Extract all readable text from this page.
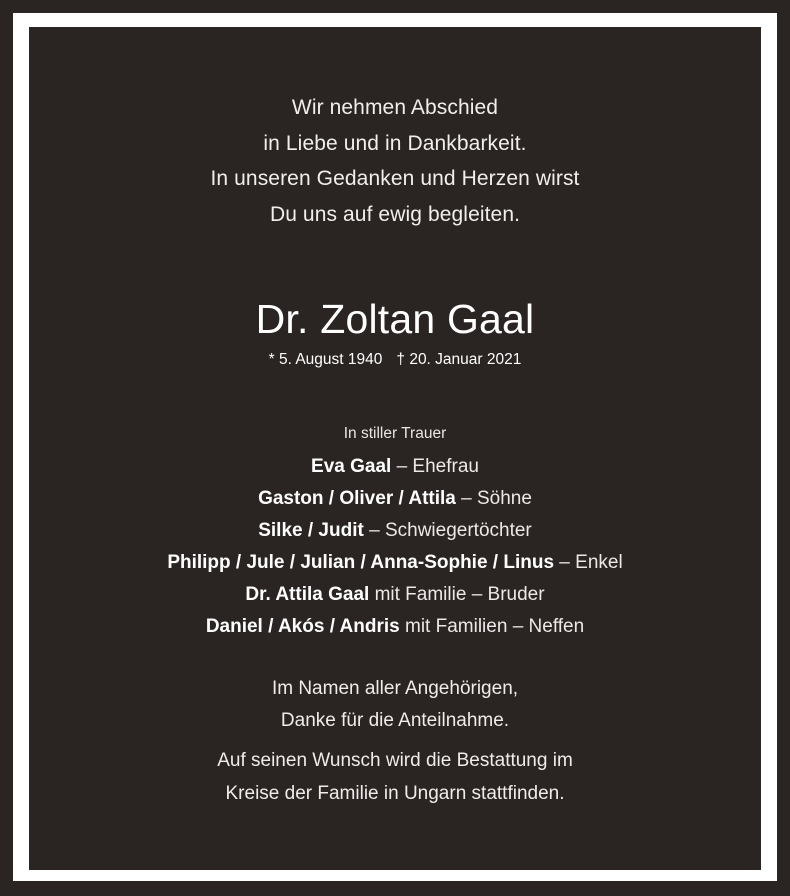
Wir nehmen Abschied
in Liebe und in Dankbarkeit.
In unseren Gedanken und Herzen wirst
Du uns auf ewig begleiten.
Dr. Zoltan Gaal
* 5. August 1940 † 20. Januar 2021
In stiller Trauer
Eva Gaal – Ehefrau
Gaston / Oliver / Attila – Söhne
Silke / Judit – Schwiegertöchter
Philipp / Jule / Julian / Anna-Sophie / Linus – Enkel
Dr. Attila Gaal mit Familie – Bruder
Daniel / Akós / Andris mit Familien – Neffen
Im Namen aller Angehörigen,
Danke für die Anteilnahme.
Auf seinen Wunsch wird die Bestattung im
Kreise der Familie in Ungarn stattfinden.
